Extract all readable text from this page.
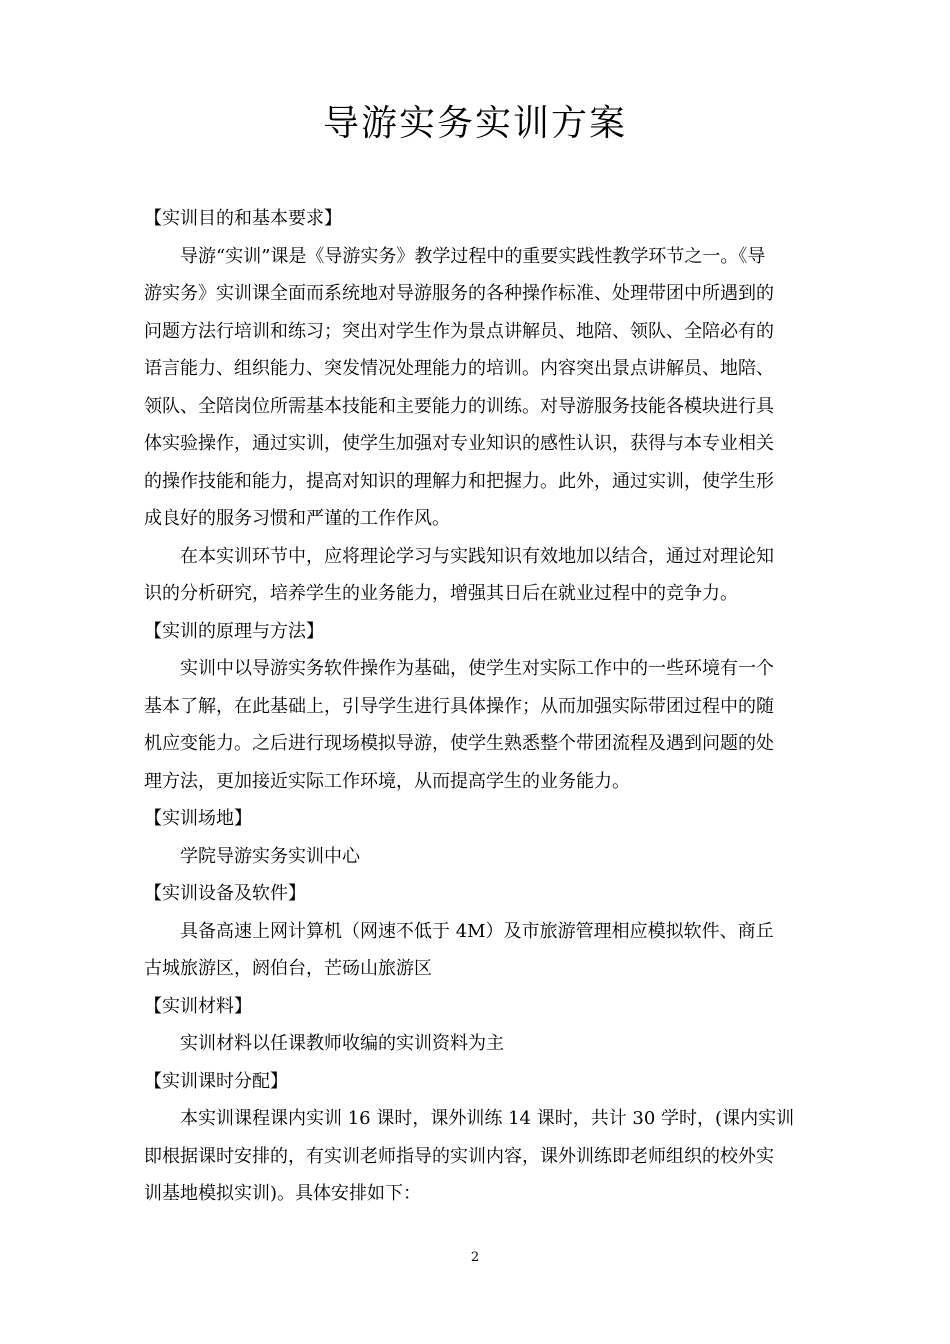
导游实务实训方案
【实训目的和基本要求】
导游“实训”课是《导游实务》教学过程中的重要实践性教学环节之一。《导
游实务》实训课全面而系统地对导游服务的各种操作标准、处理带团中所遇到的
问题方法行培训和练习；突出对学生作为景点讲解员、地陪、领队、全陪必有的
语言能力、组织能力、突发情况处理能力的培训。内容突出景点讲解员、地陪、
领队、全陪岗位所需基本技能和主要能力的训练。对导游服务技能各模块进行具
体实验操作，通过实训，使学生加强对专业知识的感性认识，获得与本专业相关
的操作技能和能力，提高对知识的理解力和把握力。此外，通过实训，使学生形
成良好的服务习惯和严谨的工作作风。
在本实训环节中，应将理论学习与实践知识有效地加以结合，通过对理论知
识的分析研究，培养学生的业务能力，增强其日后在就业过程中的竞争力。
【实训的原理与方法】
实训中以导游实务软件操作为基础，使学生对实际工作中的一些环境有一个
基本了解，在此基础上，引导学生进行具体操作；从而加强实际带团过程中的随
机应变能力。之后进行现场模拟导游，使学生熟悉整个带团流程及遇到问题的处
理方法，更加接近实际工作环境，从而提高学生的业务能力。
【实训场地】
学院导游实务实训中心
【实训设备及软件】
具备高速上网计算机（网速不低于 4M）及市旅游管理相应模拟软件、商丘
古城旅游区，阏伯台，芒砀山旅游区
【实训材料】
实训材料以任课教师收编的实训资料为主
【实训课时分配】
本实训课程课内实训 16 课时，课外训练 14 课时，共计 30 学时，(课内实训
即根据课时安排的，有实训老师指导的实训内容，课外训练即老师组织的校外实
训基地模拟实训)。具体安排如下：
2
